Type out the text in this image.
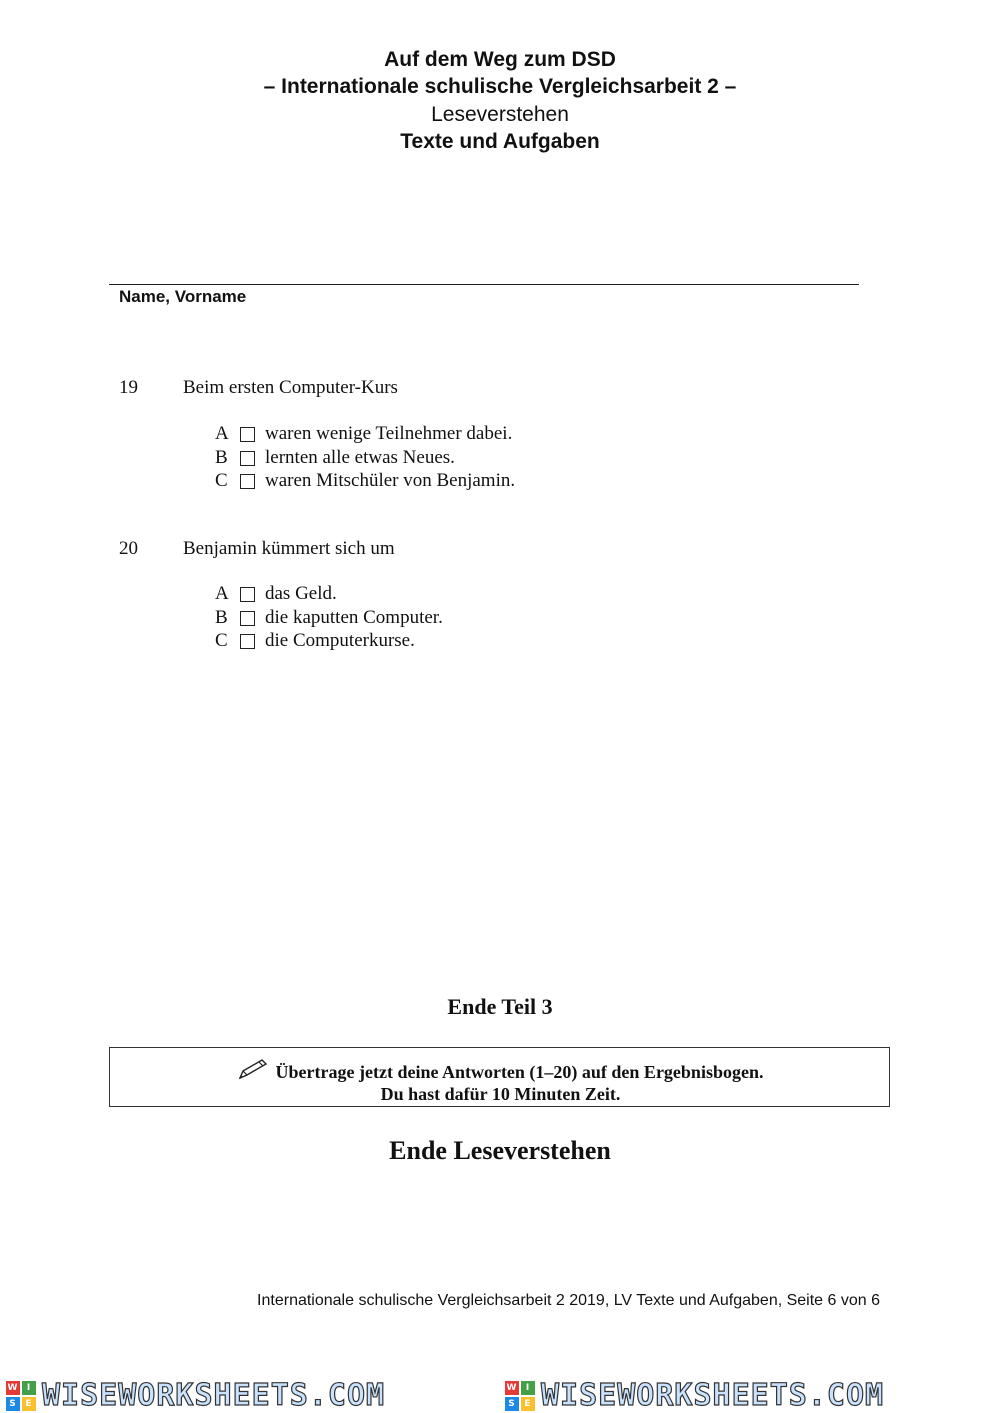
Auf dem Weg zum DSD
– Internationale schulische Vergleichsarbeit 2 –
Leseverstehen
Texte und Aufgaben
Name, Vorname
19 Beim ersten Computer-Kurs
A	waren wenige Teilnehmer dabei.
B	lernten alle etwas Neues.
C	waren Mitschüler von Benjamin.
20 Benjamin kümmert sich um
A	das Geld.
B	die kaputten Computer.
C	die Computerkurse.
Ende Teil 3
Übertrage jetzt deine Antworten (1–20) auf den Ergebnisbogen.
Du hast dafür 10 Minuten Zeit.
Ende Leseverstehen
Internationale schulische Vergleichsarbeit 2 2019, LV Texte und Aufgaben, Seite 6 von 6
W I
S E WISEWORKSHEETS.COM	W I
S E WISEWORKSHEETS.COM
